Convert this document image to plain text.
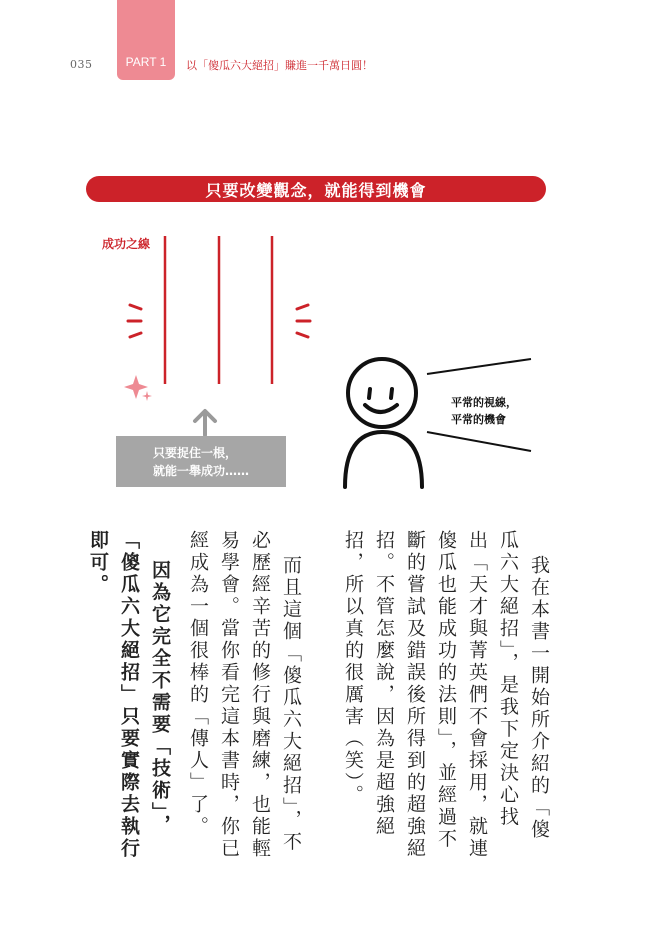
035	PART 1 以「傻瓜六大絕招」賺進一千萬日圓！
只要改變觀念，就能得到機會
成功之線
平常的視線，
平常的機會
只要捉住一根，
就能一舉成功……
我在本書一開始所介紹的「傻
瓜六大絕招」，是我下定決心找
出「天才與菁英們不會採用，就連
傻瓜也能成功的法則」，並經過不
斷的嘗試及錯誤後所得到的超強絕
招。不管怎麼說，因為是超強絕
招，所以真的很厲害（笑）。
而且這個「傻瓜六大絕招」，不
必歷經辛苦的修行與磨練，也能輕
易學會。當你看完這本書時，你已
經成為一個很棒的「傳人」了。
因為它完全不需要「技術」，
「傻瓜六大絕招」只要實際去執行
即可。
